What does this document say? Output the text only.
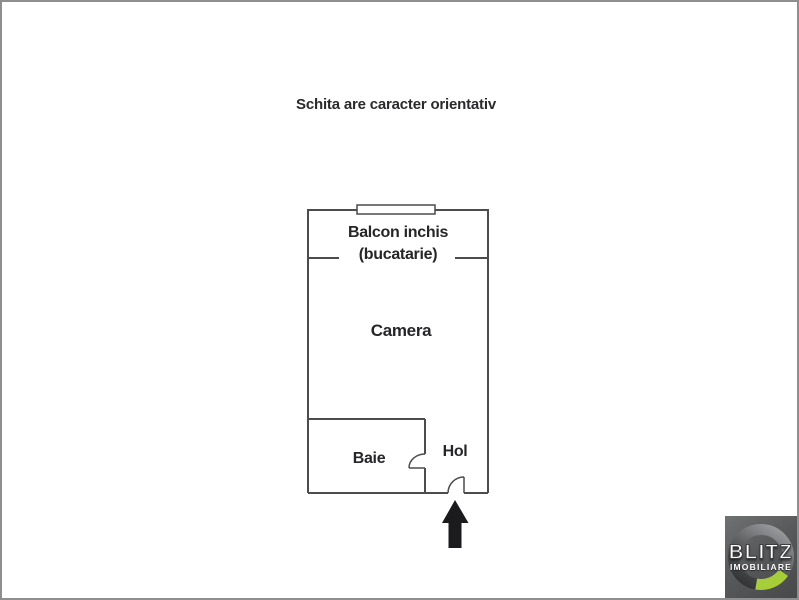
Schita are caracter orientativ
Balcon inchis
(bucatarie)
Camera
Baie	Hol
BLITZ
IMOBILIARE
